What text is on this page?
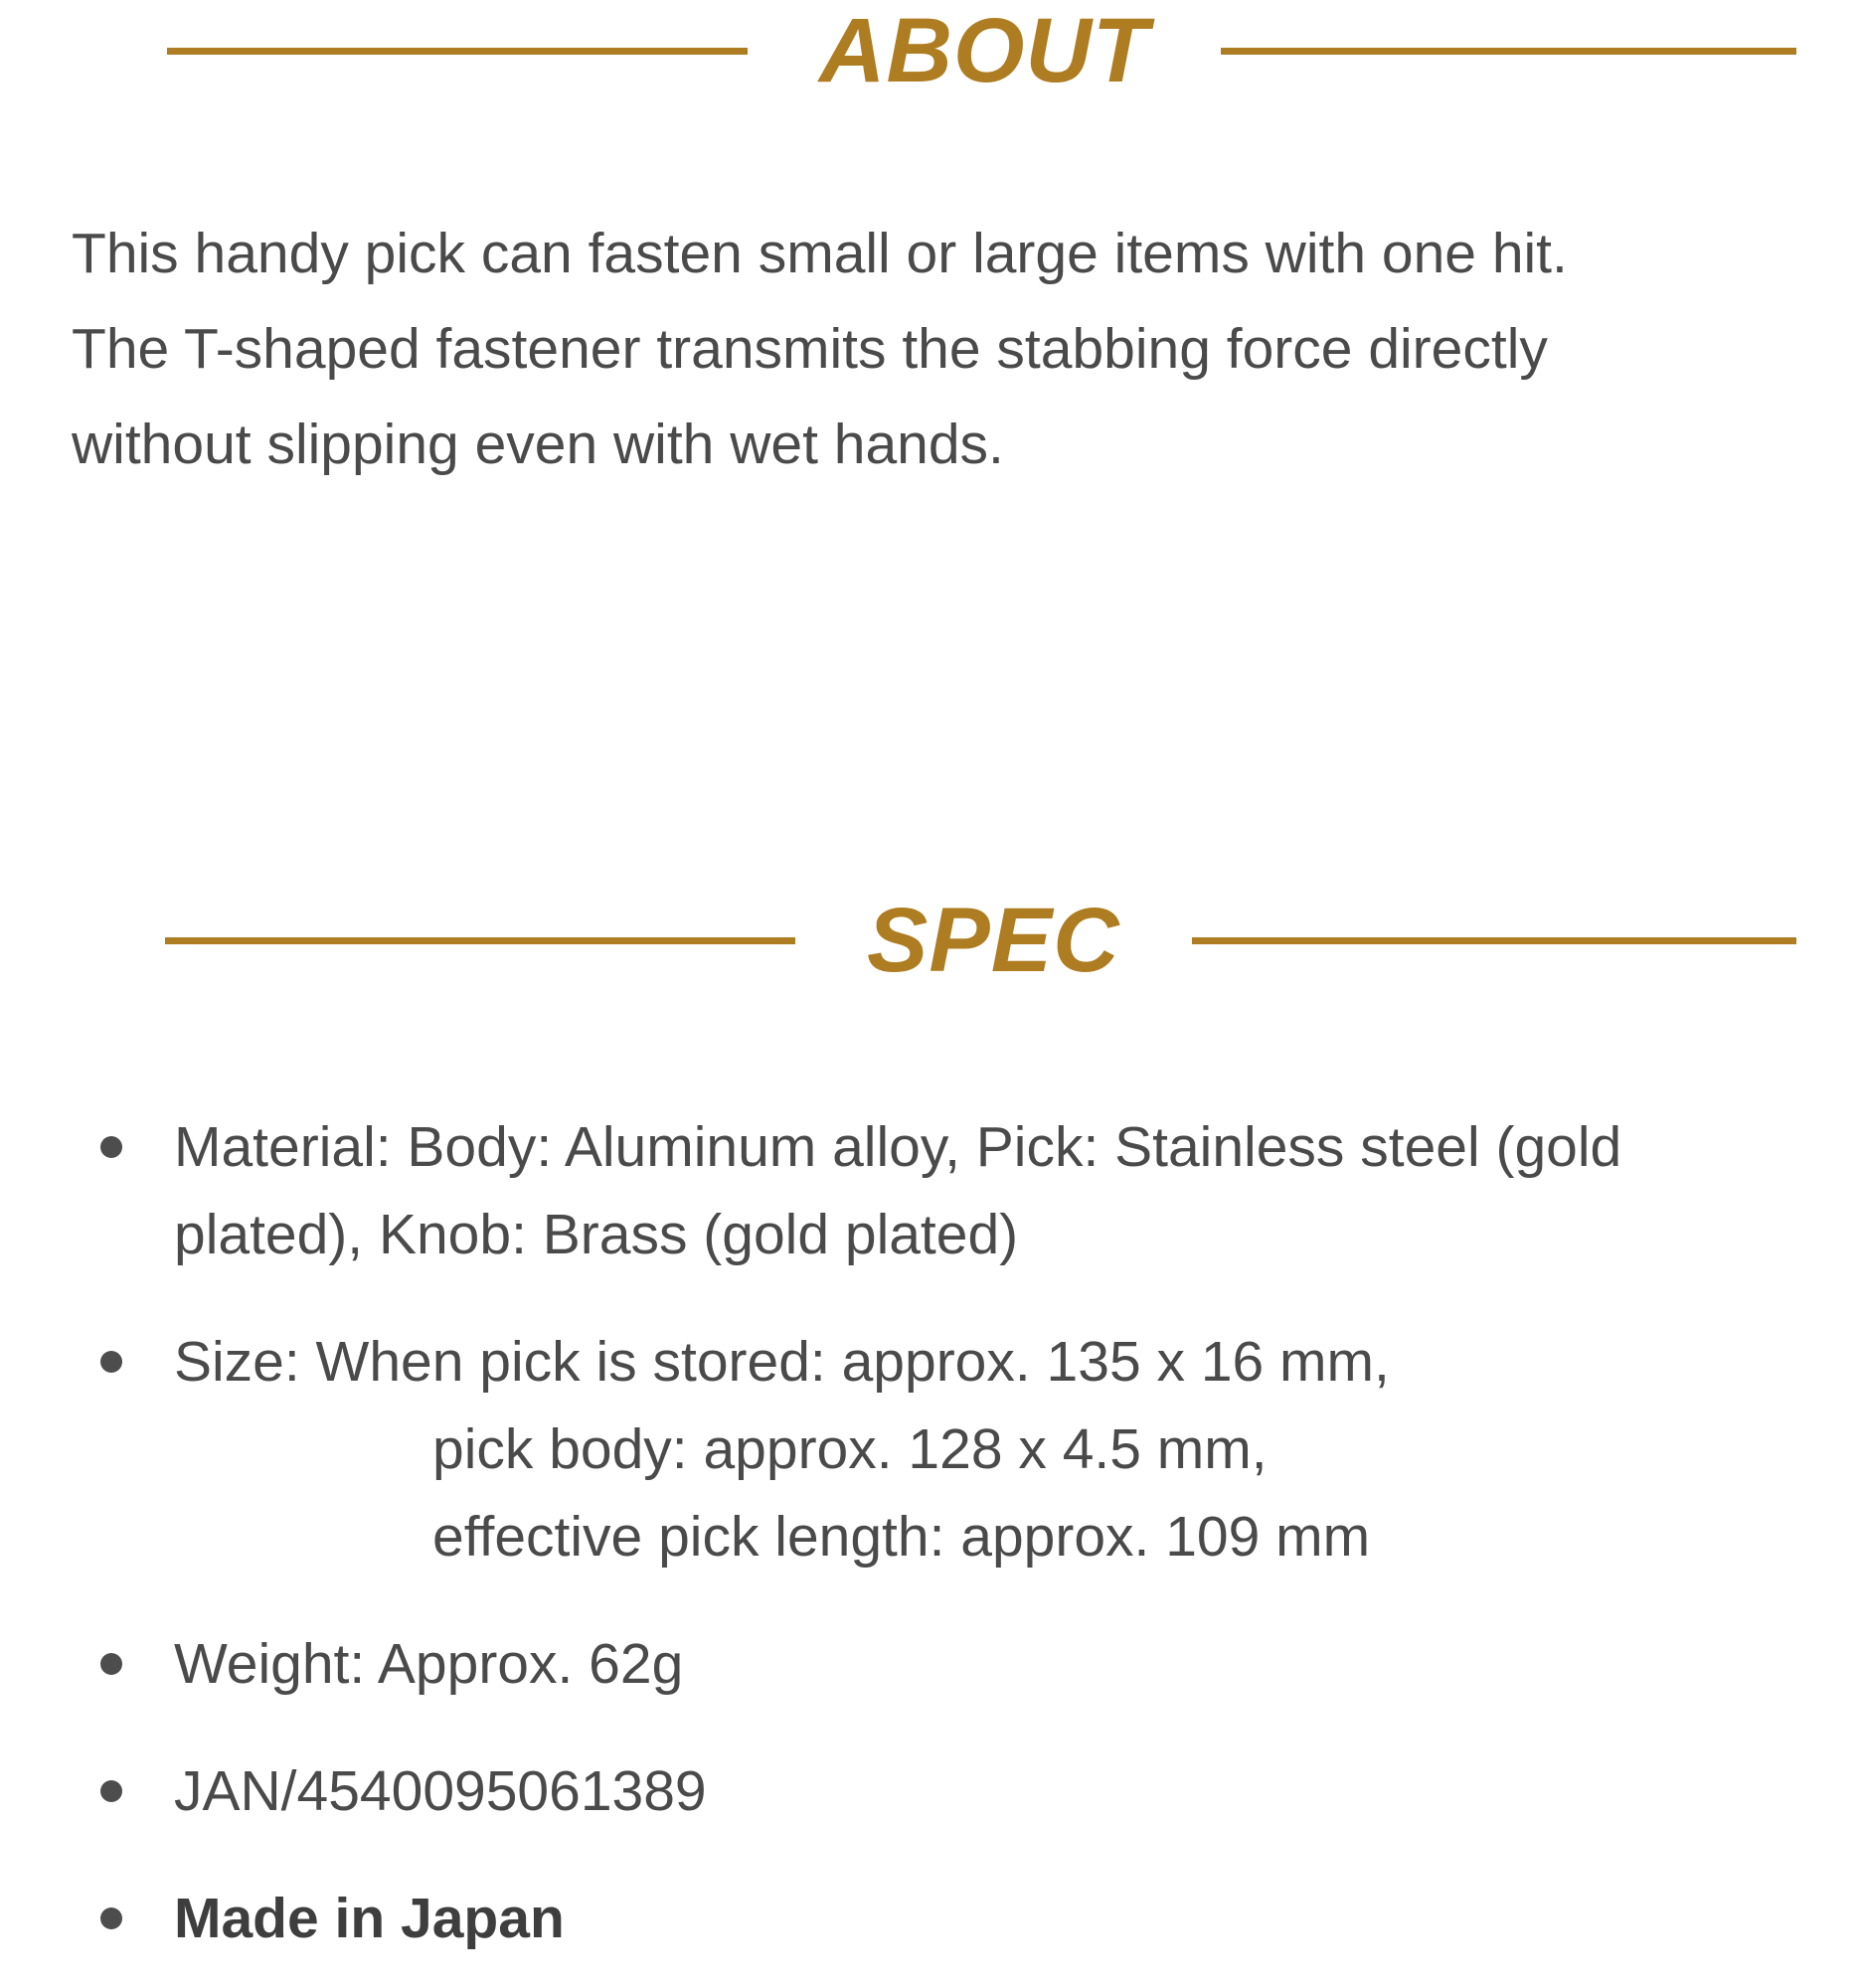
ABOUT
This handy pick can fasten small or large items with one hit.
The T-shaped fastener transmits the stabbing force directly
without slipping even with wet hands.
SPEC
Material: Body: Aluminum alloy, Pick: Stainless steel (gold
plated), Knob: Brass (gold plated)
Size: When pick is stored: approx. 135 x 16 mm,
pick body: approx. 128 x 4.5 mm,
effective pick length: approx. 109 mm
Weight: Approx. 62g
JAN/4540095061389
Made in Japan
